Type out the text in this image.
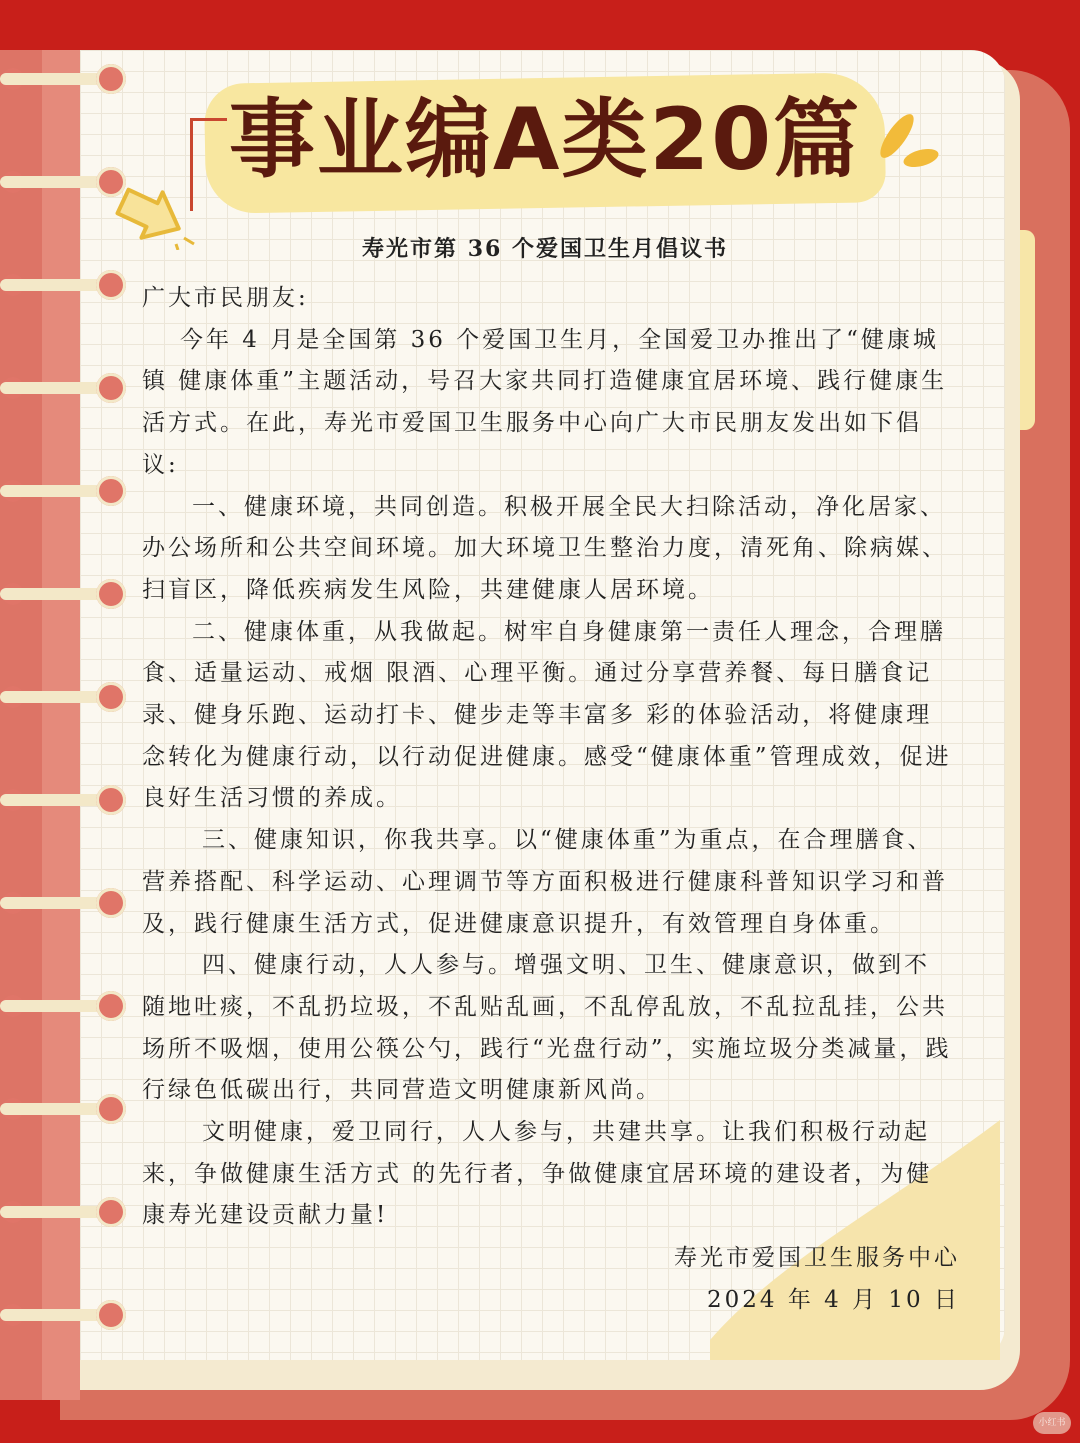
事业编A类20篇
寿光市第 36 个爱国卫生月倡议书

广大市民朋友:

今年 4 月是全国第 36 个爱国卫生月，全国爱卫办推出了“健康城镇 健康体重”主题活动，号召大家共同打造健康宜居环境、践行健康生活方式。在此，寿光市爱国卫生服务中心向广大市民朋友发出如下倡议:

一、健康环境，共同创造。积极开展全民大扫除活动，净化居家、办公场所和公共空间环境。加大环境卫生整治力度，清死角、除病媒、扫盲区，降低疾病发生风险，共建健康人居环境。

二、健康体重，从我做起。树牢自身健康第一责任人理念，合理膳食、适量运动、戒烟 限酒、心理平衡。通过分享营养餐、每日膳食记录、健身乐跑、运动打卡、健步走等丰富多 彩的体验活动，将健康理念转化为健康行动，以行动促进健康。感受“健康体重”管理成效，促进良好生活习惯的养成。

三、健康知识，你我共享。以“健康体重”为重点，在合理膳食、营养搭配、科学运动、心理调节等方面积极进行健康科普知识学习和普及，践行健康生活方式，促进健康意识提升，有效管理自身体重。

四、健康行动，人人参与。增强文明、卫生、健康意识，做到不随地吐痰，不乱扔垃圾，不乱贴乱画，不乱停乱放，不乱拉乱挂，公共场所不吸烟，使用公筷公勺，践行“光盘行动”，实施垃圾分类减量，践行绿色低碳出行，共同营造文明健康新风尚。

文明健康，爱卫同行，人人参与，共建共享。让我们积极行动起来，争做健康生活方式 的先行者，争做健康宜居环境的建设者，为健康寿光建设贡献力量!

寿光市爱国卫生服务中心
2024 年 4 月 10 日
小红书
